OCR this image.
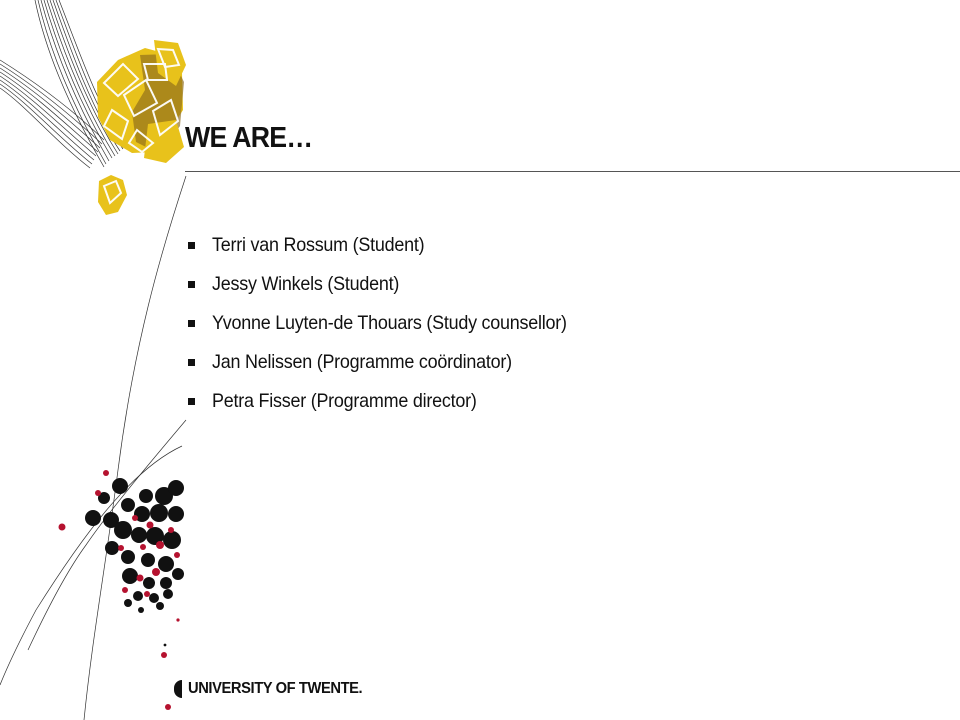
WE ARE…
Terri van Rossum (Student)
Jessy Winkels (Student)
Yvonne Luyten-de Thouars (Study counsellor)
Jan Nelissen (Programme coördinator)
Petra Fisser (Programme director)
UNIVERSITY OF TWENTE.
